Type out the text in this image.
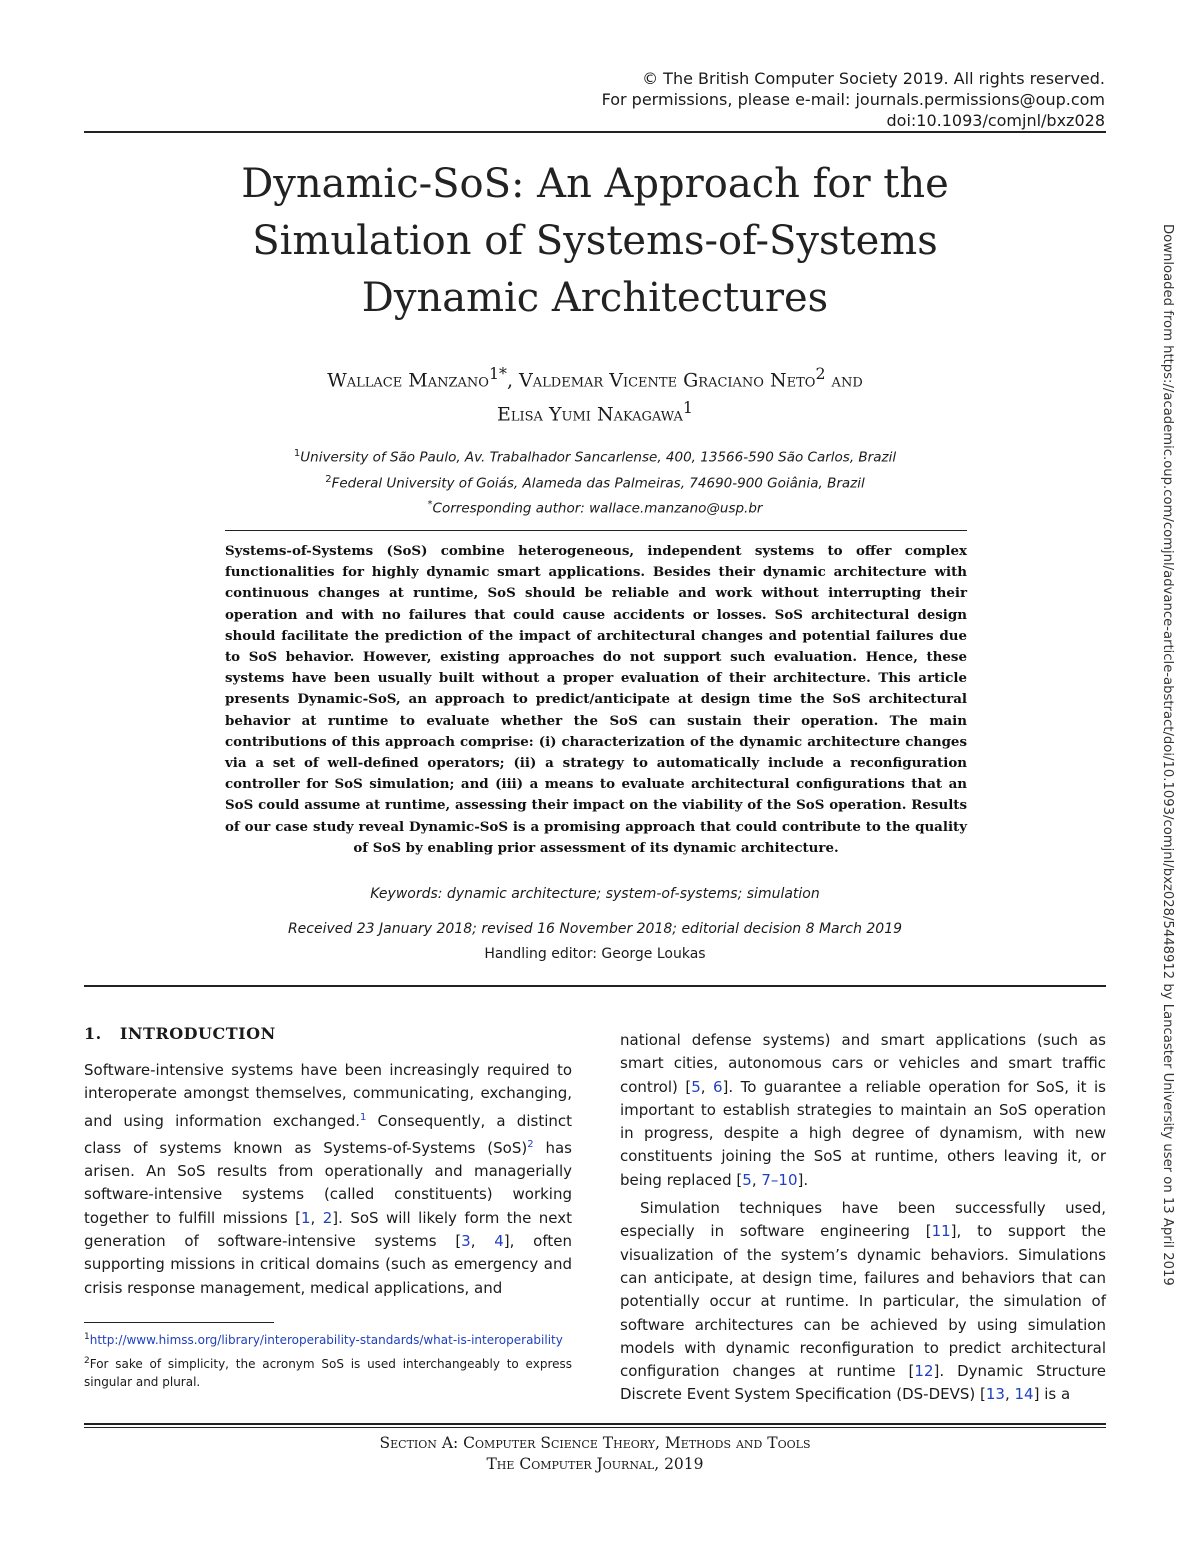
© The British Computer Society 2019. All rights reserved.
For permissions, please e-mail: journals.permissions@oup.com
doi:10.1093/comjnl/bxz028
Dynamic-SoS: An Approach for the
Simulation of Systems-of-Systems
Dynamic Architectures
Wallace Manzano$^{1*}$, Valdemar Vicente Graciano Neto$^2$ and
Elisa Yumi Nakagawa$^1$
$^1$University of São Paulo, Av. Trabalhador Sancarlense, 400, 13566-590 São Carlos, Brazil
$^2$Federal University of Goiás, Alameda das Palmeiras, 74690-900 Goiânia, Brazil
*Corresponding author: wallace.manzano@usp.br
Systems-of-Systems (SoS) combine heterogeneous, independent systems to offer complex functionalities for highly dynamic smart applications. Besides their dynamic architecture with continuous changes at runtime, SoS should be reliable and work without interrupting their operation and with no failures that could cause accidents or losses. SoS architectural design should facilitate the prediction of the impact of architectural changes and potential failures due to SoS behavior. However, existing approaches do not support such evaluation. Hence, these systems have been usually built without a proper evaluation of their architecture. This article presents Dynamic-SoS, an approach to predict/anticipate at design time the SoS architectural behavior at runtime to evaluate whether the SoS can sustain their operation. The main contributions of this approach comprise: (i) characterization of the dynamic architecture changes via a set of well-defined operators; (ii) a strategy to automatically include a reconfiguration controller for SoS simulation; and (iii) a means to evaluate architectural configurations that an SoS could assume at runtime, assessing their impact on the viability of the SoS operation. Results of our case study reveal Dynamic-SoS is a promising approach that could contribute to the quality of SoS by enabling prior assessment of its dynamic architecture.
Keywords: dynamic architecture; system-of-systems; simulation
Received 23 January 2018; revised 16 November 2018; editorial decision 8 March 2019
Handling editor: George Loukas
1. INTRODUCTION

Software-intensive systems have been increasingly required to interoperate amongst themselves, communicating, exchanging, and using information exchanged.$^1$ Consequently, a distinct class of systems known as Systems-of-Systems (SoS)$^2$ has arisen. An SoS results from operationally and managerially software-intensive systems (called constituents) working together to fulfill missions [1, 2]. SoS will likely form the next generation of software-intensive systems [3, 4], often supporting missions in critical domains (such as emergency and crisis response management, medical applications, and

$^1$http://www.himss.org/library/interoperability-standards/what-is-interoperability

$^2$For sake of simplicity, the acronym SoS is used interchangeably to express singular and plural.

national defense systems) and smart applications (such as smart cities, autonomous cars or vehicles and smart traffic control) [5, 6]. To guarantee a reliable operation for SoS, it is important to establish strategies to maintain an SoS operation in progress, despite a high degree of dynamism, with new constituents joining the SoS at runtime, others leaving it, or being replaced [5, 7–10].

Simulation techniques have been successfully used, especially in software engineering [11], to support the visualization of the system’s dynamic behaviors. Simulations can anticipate, at design time, failures and behaviors that can potentially occur at runtime. In particular, the simulation of software architectures can be achieved by using simulation models with dynamic reconfiguration to predict architectural configuration changes at runtime [12]. Dynamic Structure Discrete Event System Specification (DS-DEVS) [13, 14] is a

Section A: Computer Science Theory, Methods and Tools
The Computer Journal, 2019
Downloaded from https://academic.oup.com/comjnl/advance-article-abstract/doi/10.1093/comjnl/bxz028/5448912 by Lancaster University user on 13 April 2019
